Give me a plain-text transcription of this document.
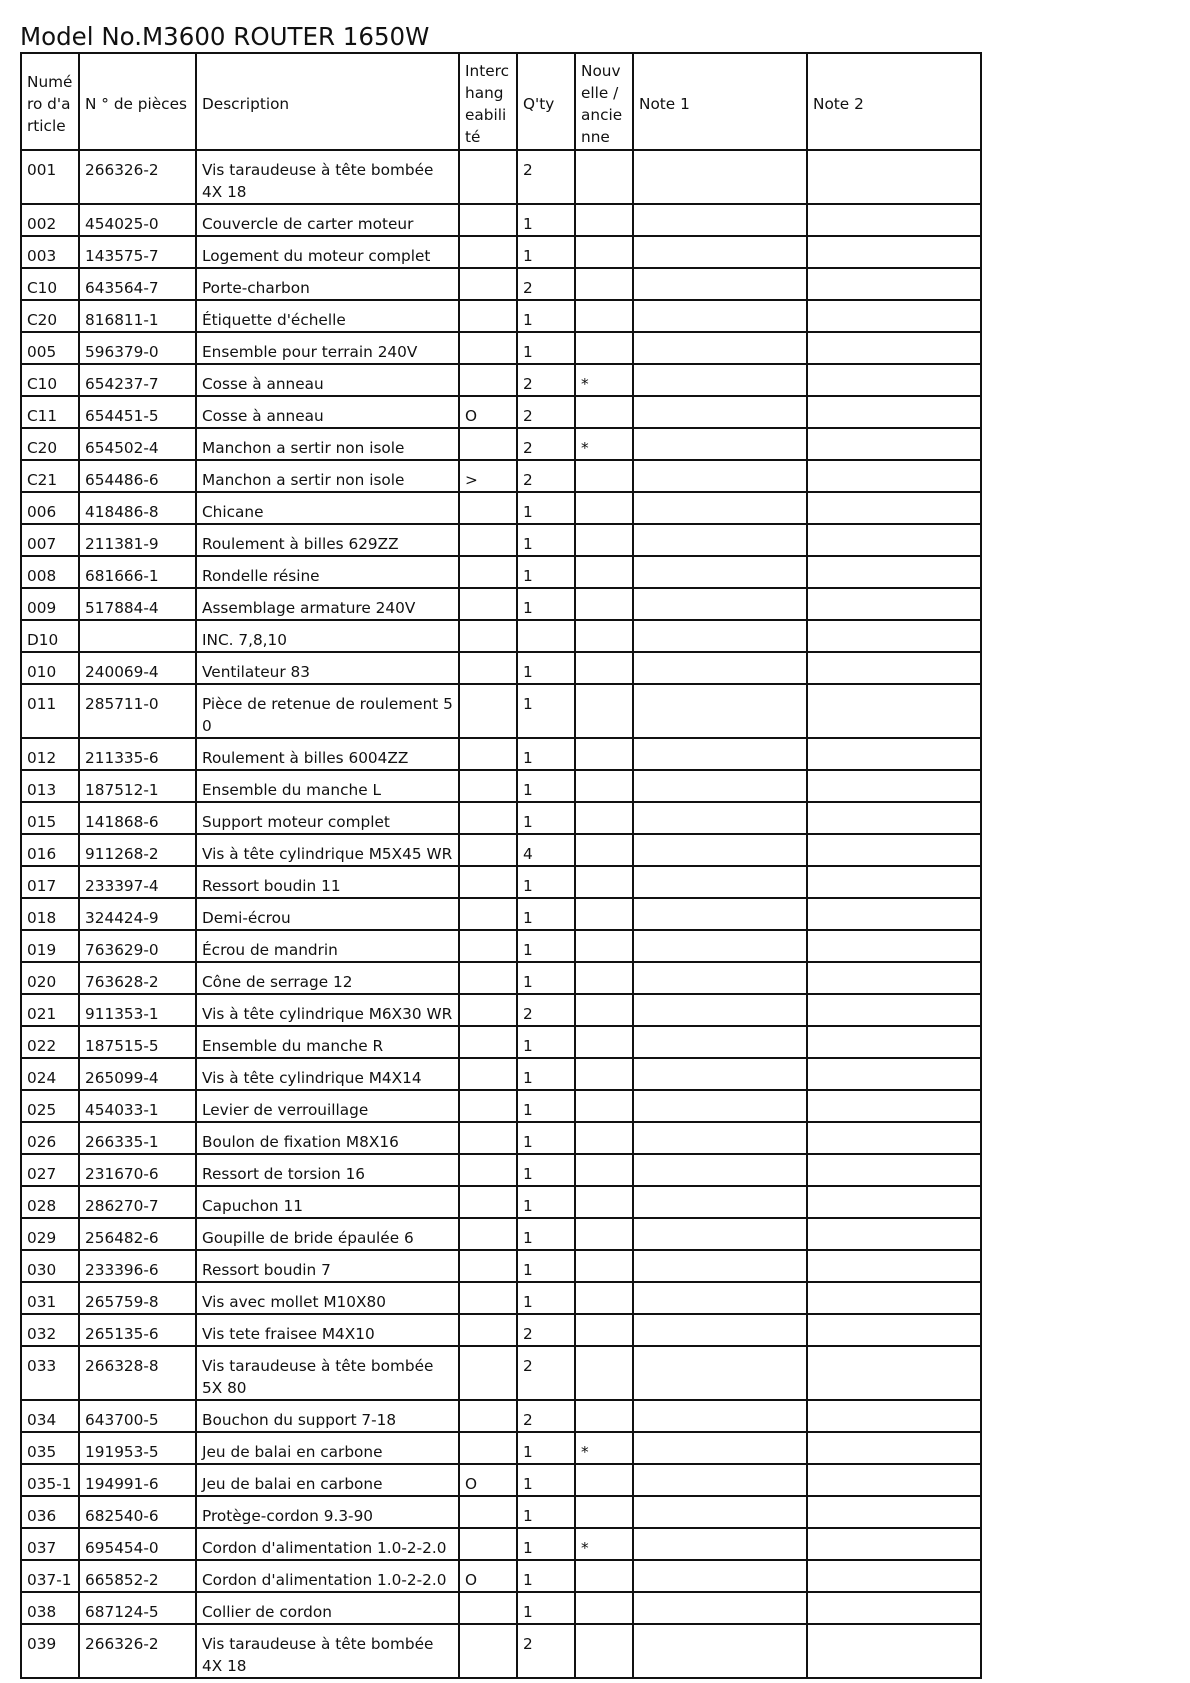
Model No.M3600 ROUTER 1650W
Numéro d'article	N ° de pièces	Description	Interchangeabilité	Q'ty	Nouvelle / ancienne	Note 1	Note 2
001	266326-2	Vis taraudeuse à tête bombée 4X 18		2			
002	454025-0	Couvercle de carter moteur		1			
003	143575-7	Logement du moteur complet		1			
C10	643564-7	Porte-charbon		2			
C20	816811-1	Étiquette d'échelle		1			
005	596379-0	Ensemble pour terrain 240V		1			
C10	654237-7	Cosse à anneau		2	*		
C11	654451-5	Cosse à anneau	O	2			
C20	654502-4	Manchon a sertir non isole		2	*		
C21	654486-6	Manchon a sertir non isole	>	2			
006	418486-8	Chicane		1			
007	211381-9	Roulement à billes 629ZZ		1			
008	681666-1	Rondelle résine		1			
009	517884-4	Assemblage armature 240V		1			
D10		INC. 7,8,10					
010	240069-4	Ventilateur 83		1			
011	285711-0	Pièce de retenue de roulement 5 0		1			
012	211335-6	Roulement à billes 6004ZZ		1			
013	187512-1	Ensemble du manche L		1			
015	141868-6	Support moteur complet		1			
016	911268-2	Vis à tête cylindrique M5X45 WR		4			
017	233397-4	Ressort boudin 11		1			
018	324424-9	Demi-écrou		1			
019	763629-0	Écrou de mandrin		1			
020	763628-2	Cône de serrage 12		1			
021	911353-1	Vis à tête cylindrique M6X30 WR		2			
022	187515-5	Ensemble du manche R		1			
024	265099-4	Vis à tête cylindrique M4X14		1			
025	454033-1	Levier de verrouillage		1			
026	266335-1	Boulon de fixation M8X16		1			
027	231670-6	Ressort de torsion 16		1			
028	286270-7	Capuchon 11		1			
029	256482-6	Goupille de bride épaulée 6		1			
030	233396-6	Ressort boudin 7		1			
031	265759-8	Vis avec mollet M10X80		1			
032	265135-6	Vis tete fraisee M4X10		2			
033	266328-8	Vis taraudeuse à tête bombée 5X 80		2			
034	643700-5	Bouchon du support 7-18		2			
035	191953-5	Jeu de balai en carbone		1	*		
035-1	194991-6	Jeu de balai en carbone	O	1			
036	682540-6	Protège-cordon 9.3-90		1			
037	695454-0	Cordon d'alimentation 1.0-2-2.0		1	*		
037-1	665852-2	Cordon d'alimentation 1.0-2-2.0	O	1			
038	687124-5	Collier de cordon		1			
039	266326-2	Vis taraudeuse à tête bombée 4X 18		2			
